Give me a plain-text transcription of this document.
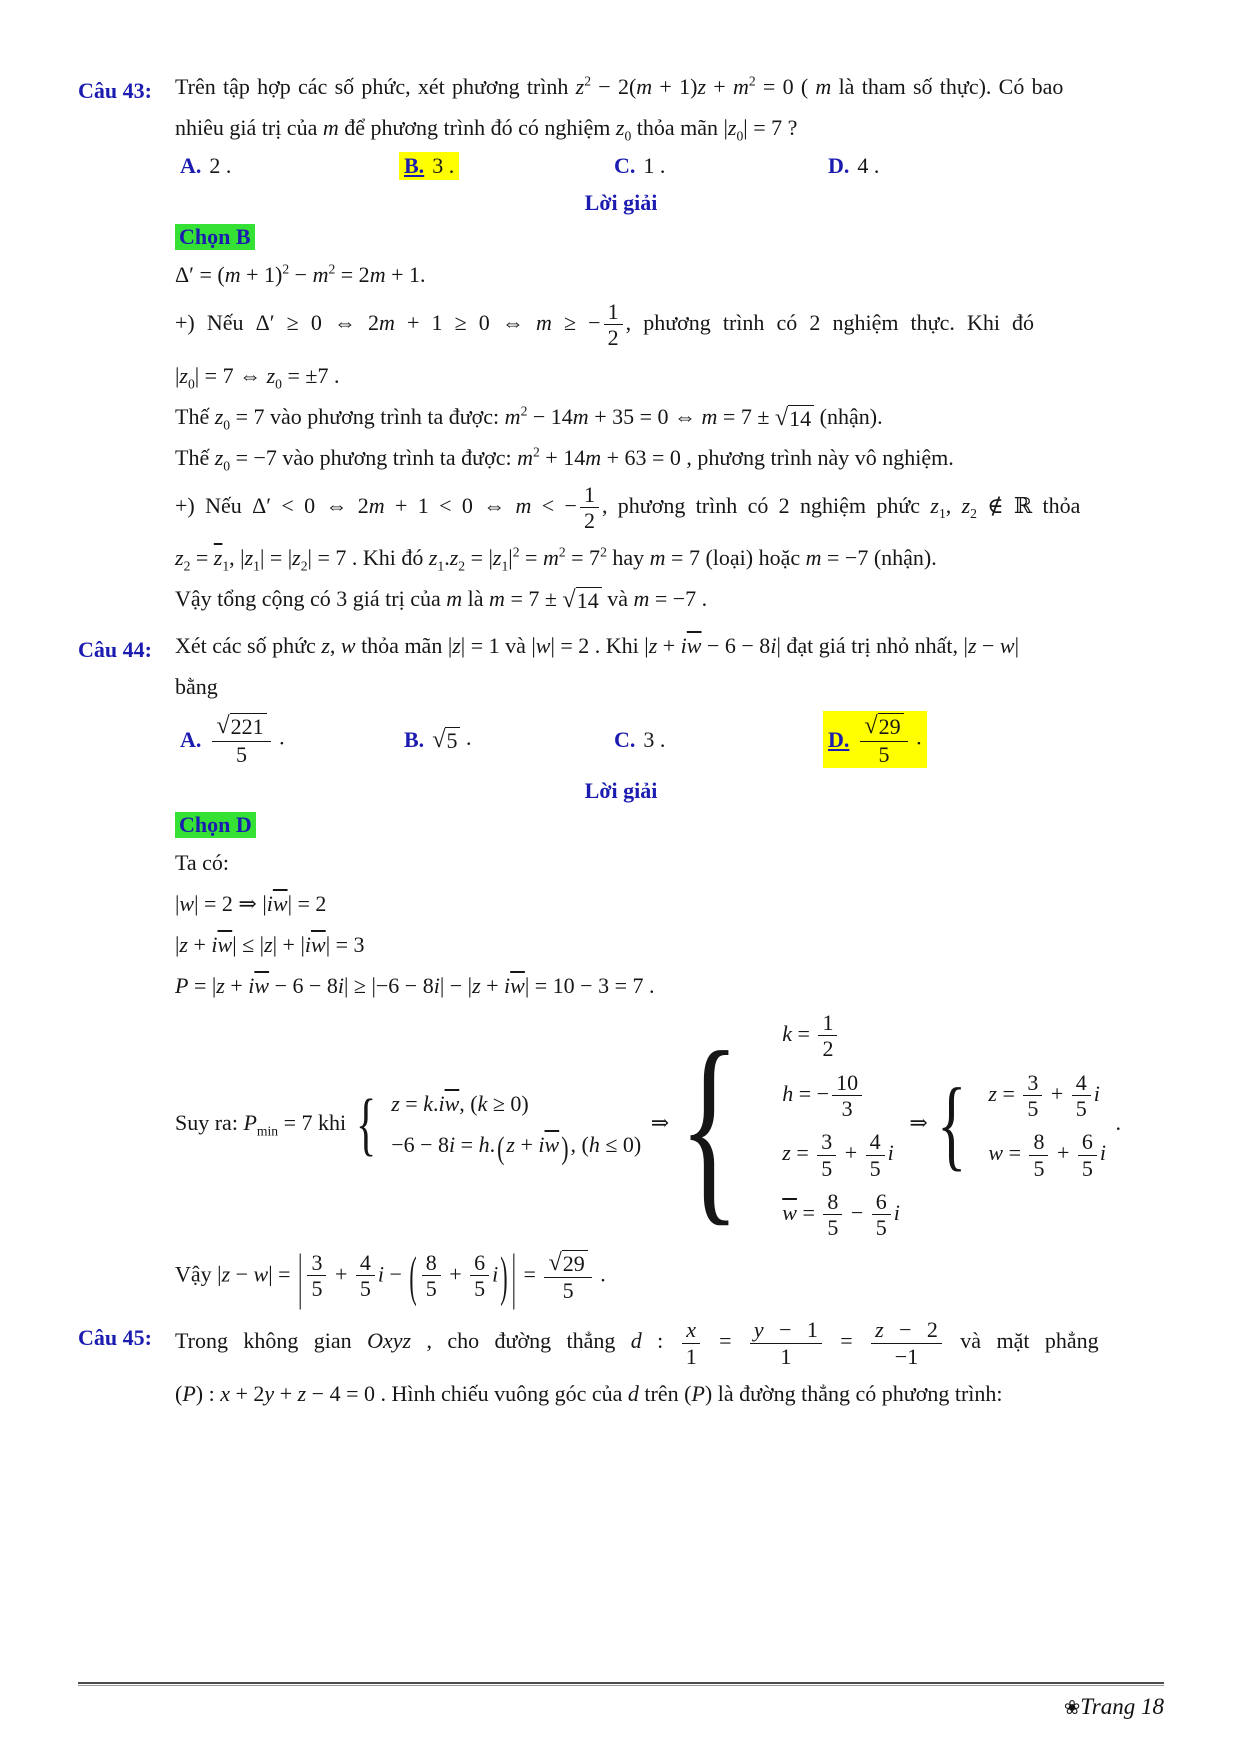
Câu 43: Trên tập hợp các số phức, xét phương trình $z^2 - 2(m + 1)z + m^2 = 0$ ( m là tham số thực). Có bao
nhiêu giá trị của m để phương trình đó có nghiệm $z_0$ thỏa mãn $|z_0| = 7$ ?
A. 2 .	B. 3 .	C. 1 .	D. 4 .
Lời giải
Chọn B
$\Delta' = (m + 1)^2 - m^2 = 2m + 1$.
+) Nếu Δ′ ≥ 0 ⇔ 2m + 1 ≥ 0 ⇔ m ≥ − $\frac{1}{2}$ , phương trình có 2 nghiệm thực. Khi đó
$|z_0| = 7$ ⇔ $z_0 = \pm 7$ .
Thế $z_0 = 7$ vào phương trình ta được: $m^2 - 14m + 35 = 0$ ⇔ m = 7 ± √ 14 (nhận).
Thế $z_0 = -7$ vào phương trình ta được: $m^2 + 14m + 63 = 0$ , phương trình này vô nghiệm.
+) Nếu Δ′ < 0 ⇔ 2m + 1 < 0 ⇔ m < − $\frac{1}{2}$ , phương trình có 2 nghiệm phức $z_1$, $z_2$ ∉ ℝ thỏa
$z_2 = \overline{z}_1$, $|z_1| = |z_2| = 7$ . Khi đó $z_1.z_2 = |z_1|^2 = m^2 = 7^2$ hay m = 7 (loại) hoặc m = −7 (nhận).
Vậy tổng cộng có 3 giá trị của m là m = 7 ± √ 14 và m = −7 .
Câu 44: Xét các số phức z, w thỏa mãn |z| = 1 và |w| = 2 . Khi $|z + i\overline{w} - 6 - 8i|$ đạt giá trị nhỏ nhất, |z − w|
bằng
A. $\frac{√ 221}{5}$ .	B. √ 5 .	C. 3 .	D. $\frac{√ 29}{5}$ .
Lời giải
Chọn D
Ta có:
|w| = 2 ⇒ $|i\overline{w}| = 2$
$|z + i\overline{w}| \le |z| + |i\overline{w}| = 3$
$P = |z + i\overline{w} - 6 - 8i| \ge |-6 - 8i| - |z + i\overline{w}| = 10 - 3 = 7$ .
Suy ra: $P_{min} = 7$ khi { $z = k.i\overline{w}$, (k ≥ 0)
$-6 - 8i = h.(z + i\overline{w})$, (h ≤ 0)
⇒ { $k = \frac{1}{2}$
h = − $\frac{10}{3}$
$z = \frac{3}{5} + \frac{4}{5}$ i
$\overline{w} = \frac{8}{5} - \frac{6}{5}$ i
⇒ { $z = \frac{3}{5} + \frac{4}{5}$ i
$w = \frac{8}{5} + \frac{6}{5}$ i
.
Vậy |z − w| = | $\frac{3}{5} + \frac{4}{5}$ i − ( $\frac{8}{5} + \frac{6}{5} i$) | = $\frac{√ 29}{5}$ .
Câu 45: Trong không gian Oxyz , cho đường thẳng d : $\frac{x}{1} = \frac{y - 1}{1} = \frac{z - 2}{-1}$ và mặt phẳng
(P) : x + 2y + z − 4 = 0 . Hình chiếu vuông góc của d trên (P) là đường thẳng có phương trình:
❀Trang 18
